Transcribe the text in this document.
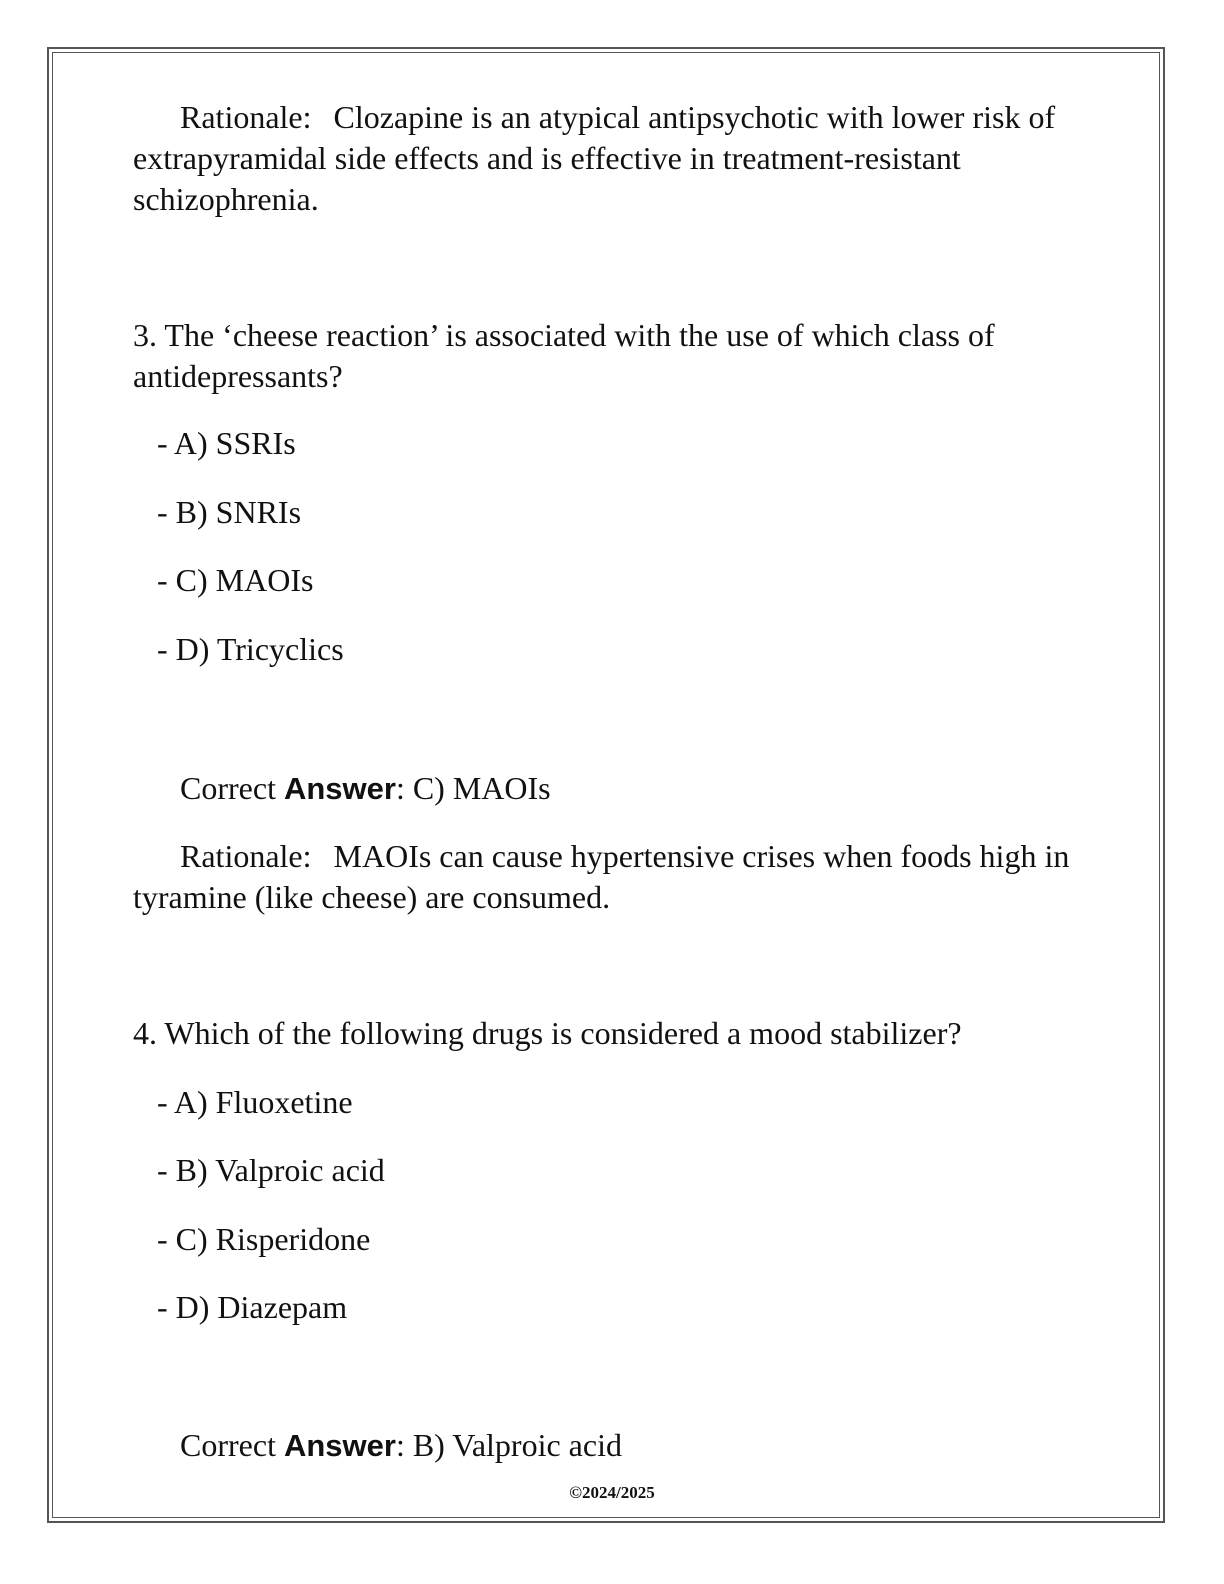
Rationale: Clozapine is an atypical antipsychotic with lower risk of extrapyramidal side effects and is effective in treatment-resistant schizophrenia.

3. The ‘cheese reaction’ is associated with the use of which class of antidepressants?

- A) SSRIs

- B) SNRIs

- C) MAOIs

- D) Tricyclics

Correct Answer: C) MAOIs

Rationale: MAOIs can cause hypertensive crises when foods high in tyramine (like cheese) are consumed.

4. Which of the following drugs is considered a mood stabilizer?

- A) Fluoxetine

- B) Valproic acid

- C) Risperidone

- D) Diazepam

Correct Answer: B) Valproic acid

©2024/2025
